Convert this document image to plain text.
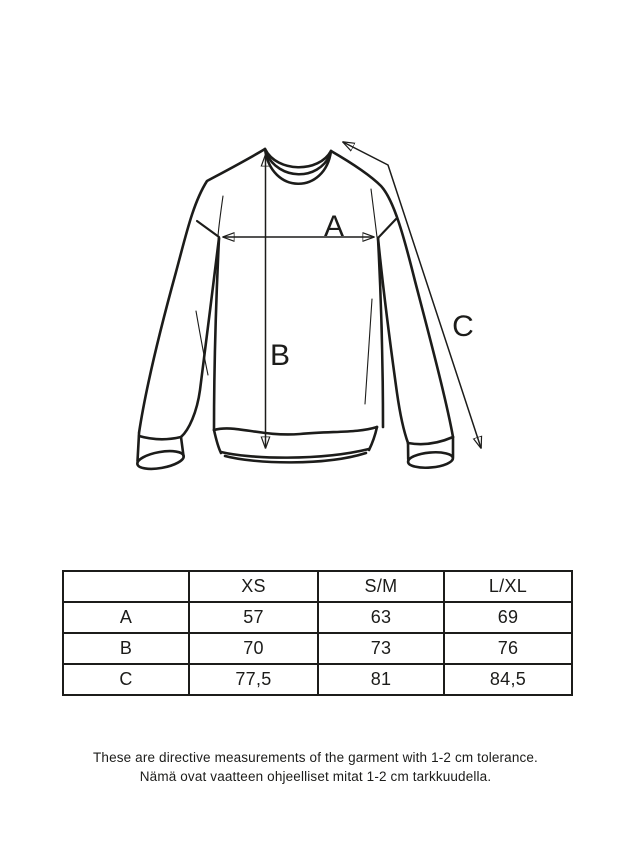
A
B
C
	XS	S/M	L/XL
A	57	63	69
B	70	73	76
C	77,5	81	84,5
These are directive measurements of the garment with 1-2 cm tolerance.
Nämä ovat vaatteen ohjeelliset mitat 1-2 cm tarkkuudella.
